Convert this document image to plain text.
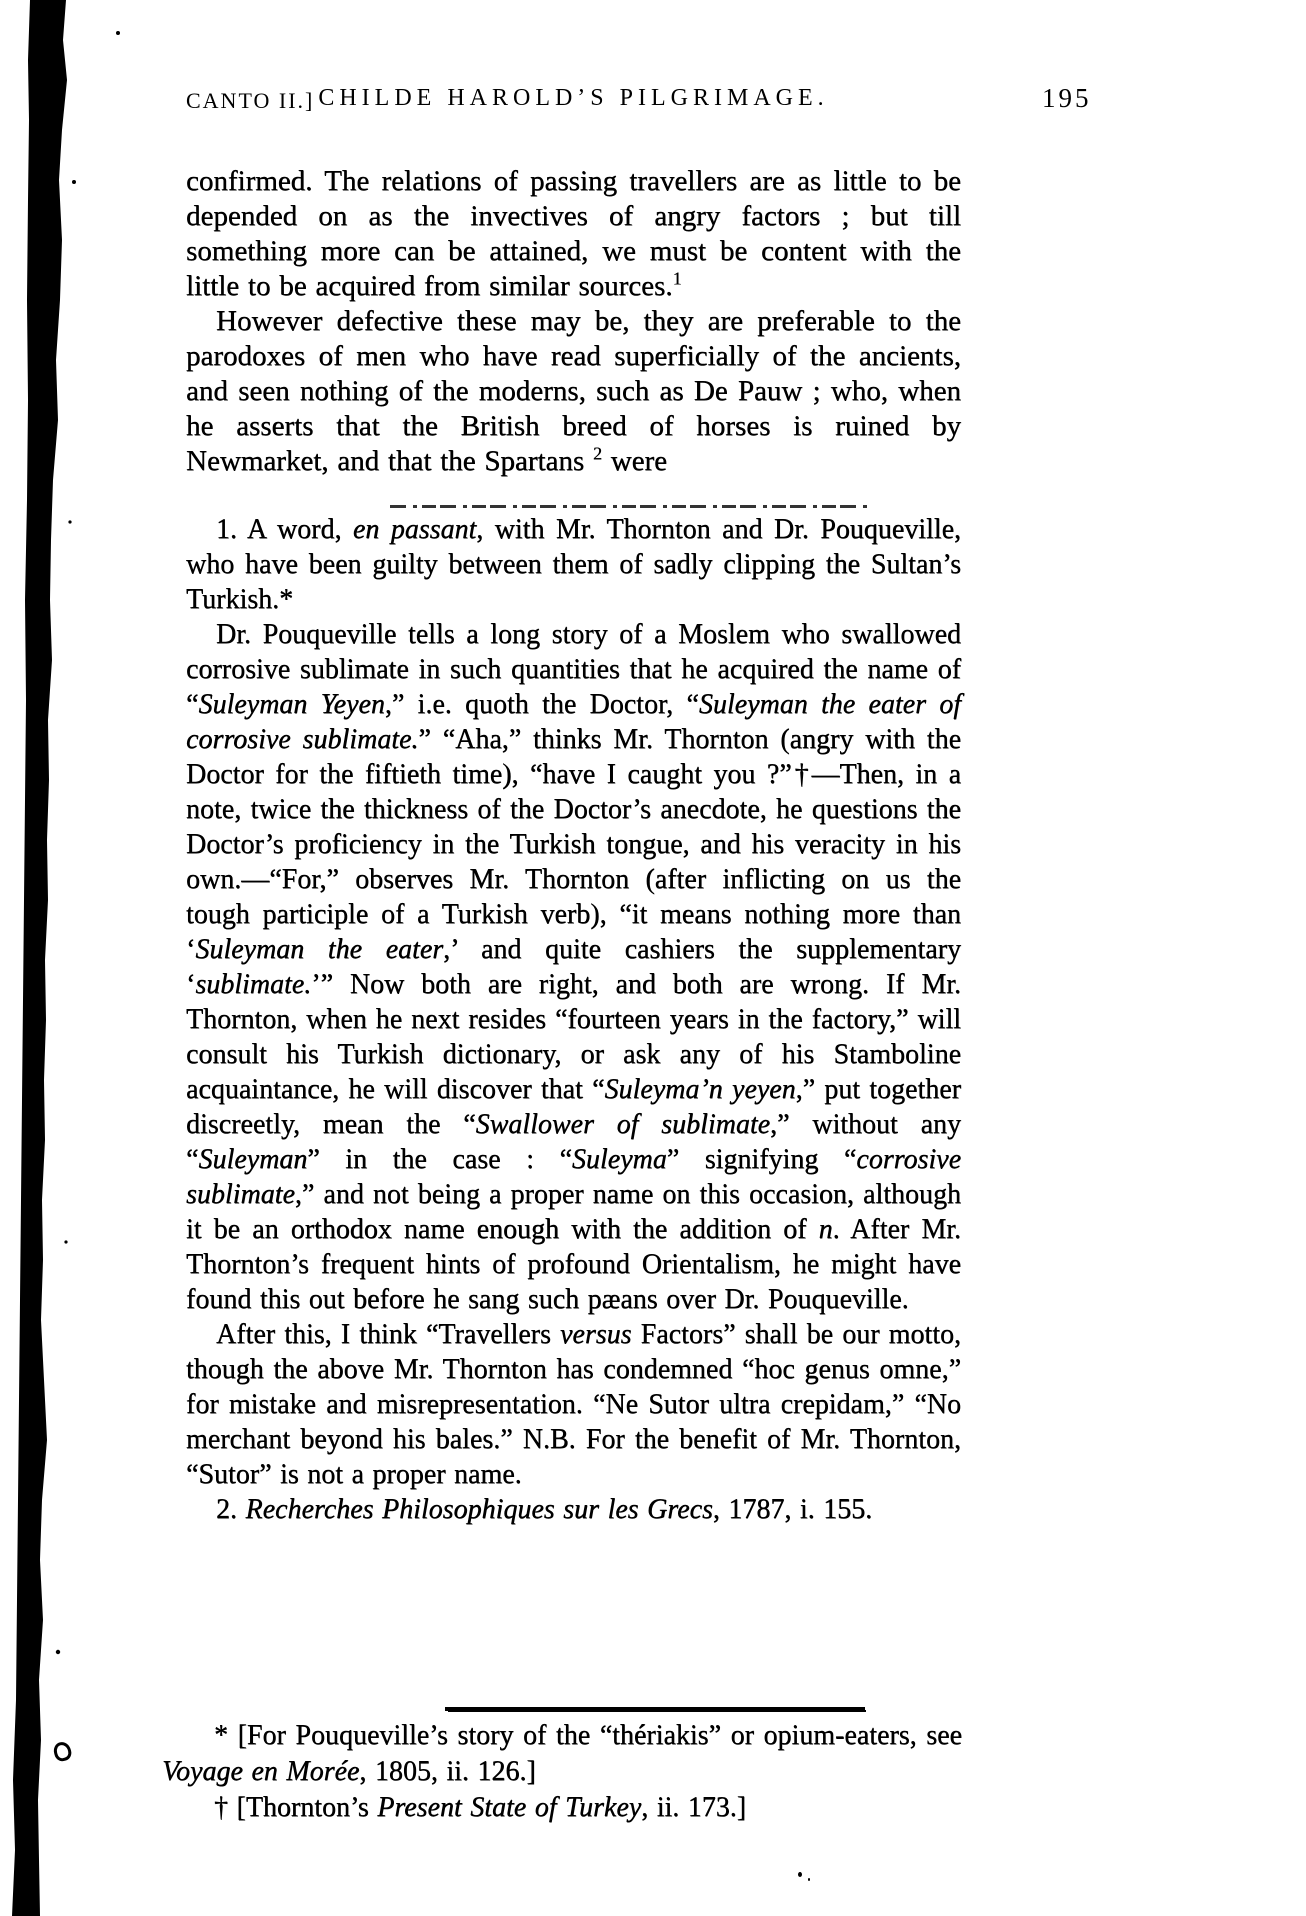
CANTO II.] CHILDE HAROLD’S PILGRIMAGE.	195

confirmed. The relations of passing travellers are as little to be depended on as the invectives of angry factors ; but till something more can be attained, we must be content with the little to be acquired from similar sources.$^1$

However defective these may be, they are preferable to the parodoxes of men who have read superficially of the ancients, and seen nothing of the moderns, such as De Pauw ; who, when he asserts that the British breed of horses is ruined by Newmarket, and that the Spartans $^2$ were

1. A word, en passant, with Mr. Thornton and Dr. Pouqueville, who have been guilty between them of sadly clipping the Sultan’s Turkish.*

Dr. Pouqueville tells a long story of a Moslem who swallowed corrosive sublimate in such quantities that he acquired the name of “Suleyman Yeyen,” i.e. quoth the Doctor, “Suleyman the eater of corrosive sublimate.” “Aha,” thinks Mr. Thornton (angry with the Doctor for the fiftieth time), “have I caught you ?”†—Then, in a note, twice the thickness of the Doctor’s anecdote, he questions the Doctor’s proficiency in the Turkish tongue, and his veracity in his own.—“For,” observes Mr. Thornton (after inflicting on us the tough participle of a Turkish verb), “it means nothing more than ‘Suleyman the eater,’ and quite cashiers the supplementary ‘sublimate.’” Now both are right, and both are wrong. If Mr. Thornton, when he next resides “fourteen years in the factory,” will consult his Turkish dictionary, or ask any of his Stamboline acquaintance, he will discover that “Suleyma’n yeyen,” put together discreetly, mean the “Swallower of sublimate,” without any “Suleyman” in the case : “Suleyma” signifying “corrosive sublimate,” and not being a proper name on this occasion, although it be an orthodox name enough with the addition of n. After Mr. Thornton’s frequent hints of profound Orientalism, he might have found this out before he sang such pæans over Dr. Pouqueville.

After this, I think “Travellers versus Factors” shall be our motto, though the above Mr. Thornton has condemned “hoc genus omne,” for mistake and misrepresentation. “Ne Sutor ultra crepidam,” “No merchant beyond his bales.” N.B. For the benefit of Mr. Thornton, “Sutor” is not a proper name.

2. Recherches Philosophiques sur les Grecs, 1787, i. 155.

* [For Pouqueville’s story of the “thériakis” or opium-eaters, see Voyage en Morée, 1805, ii. 126.]

† [Thornton’s Present State of Turkey, ii. 173.]
